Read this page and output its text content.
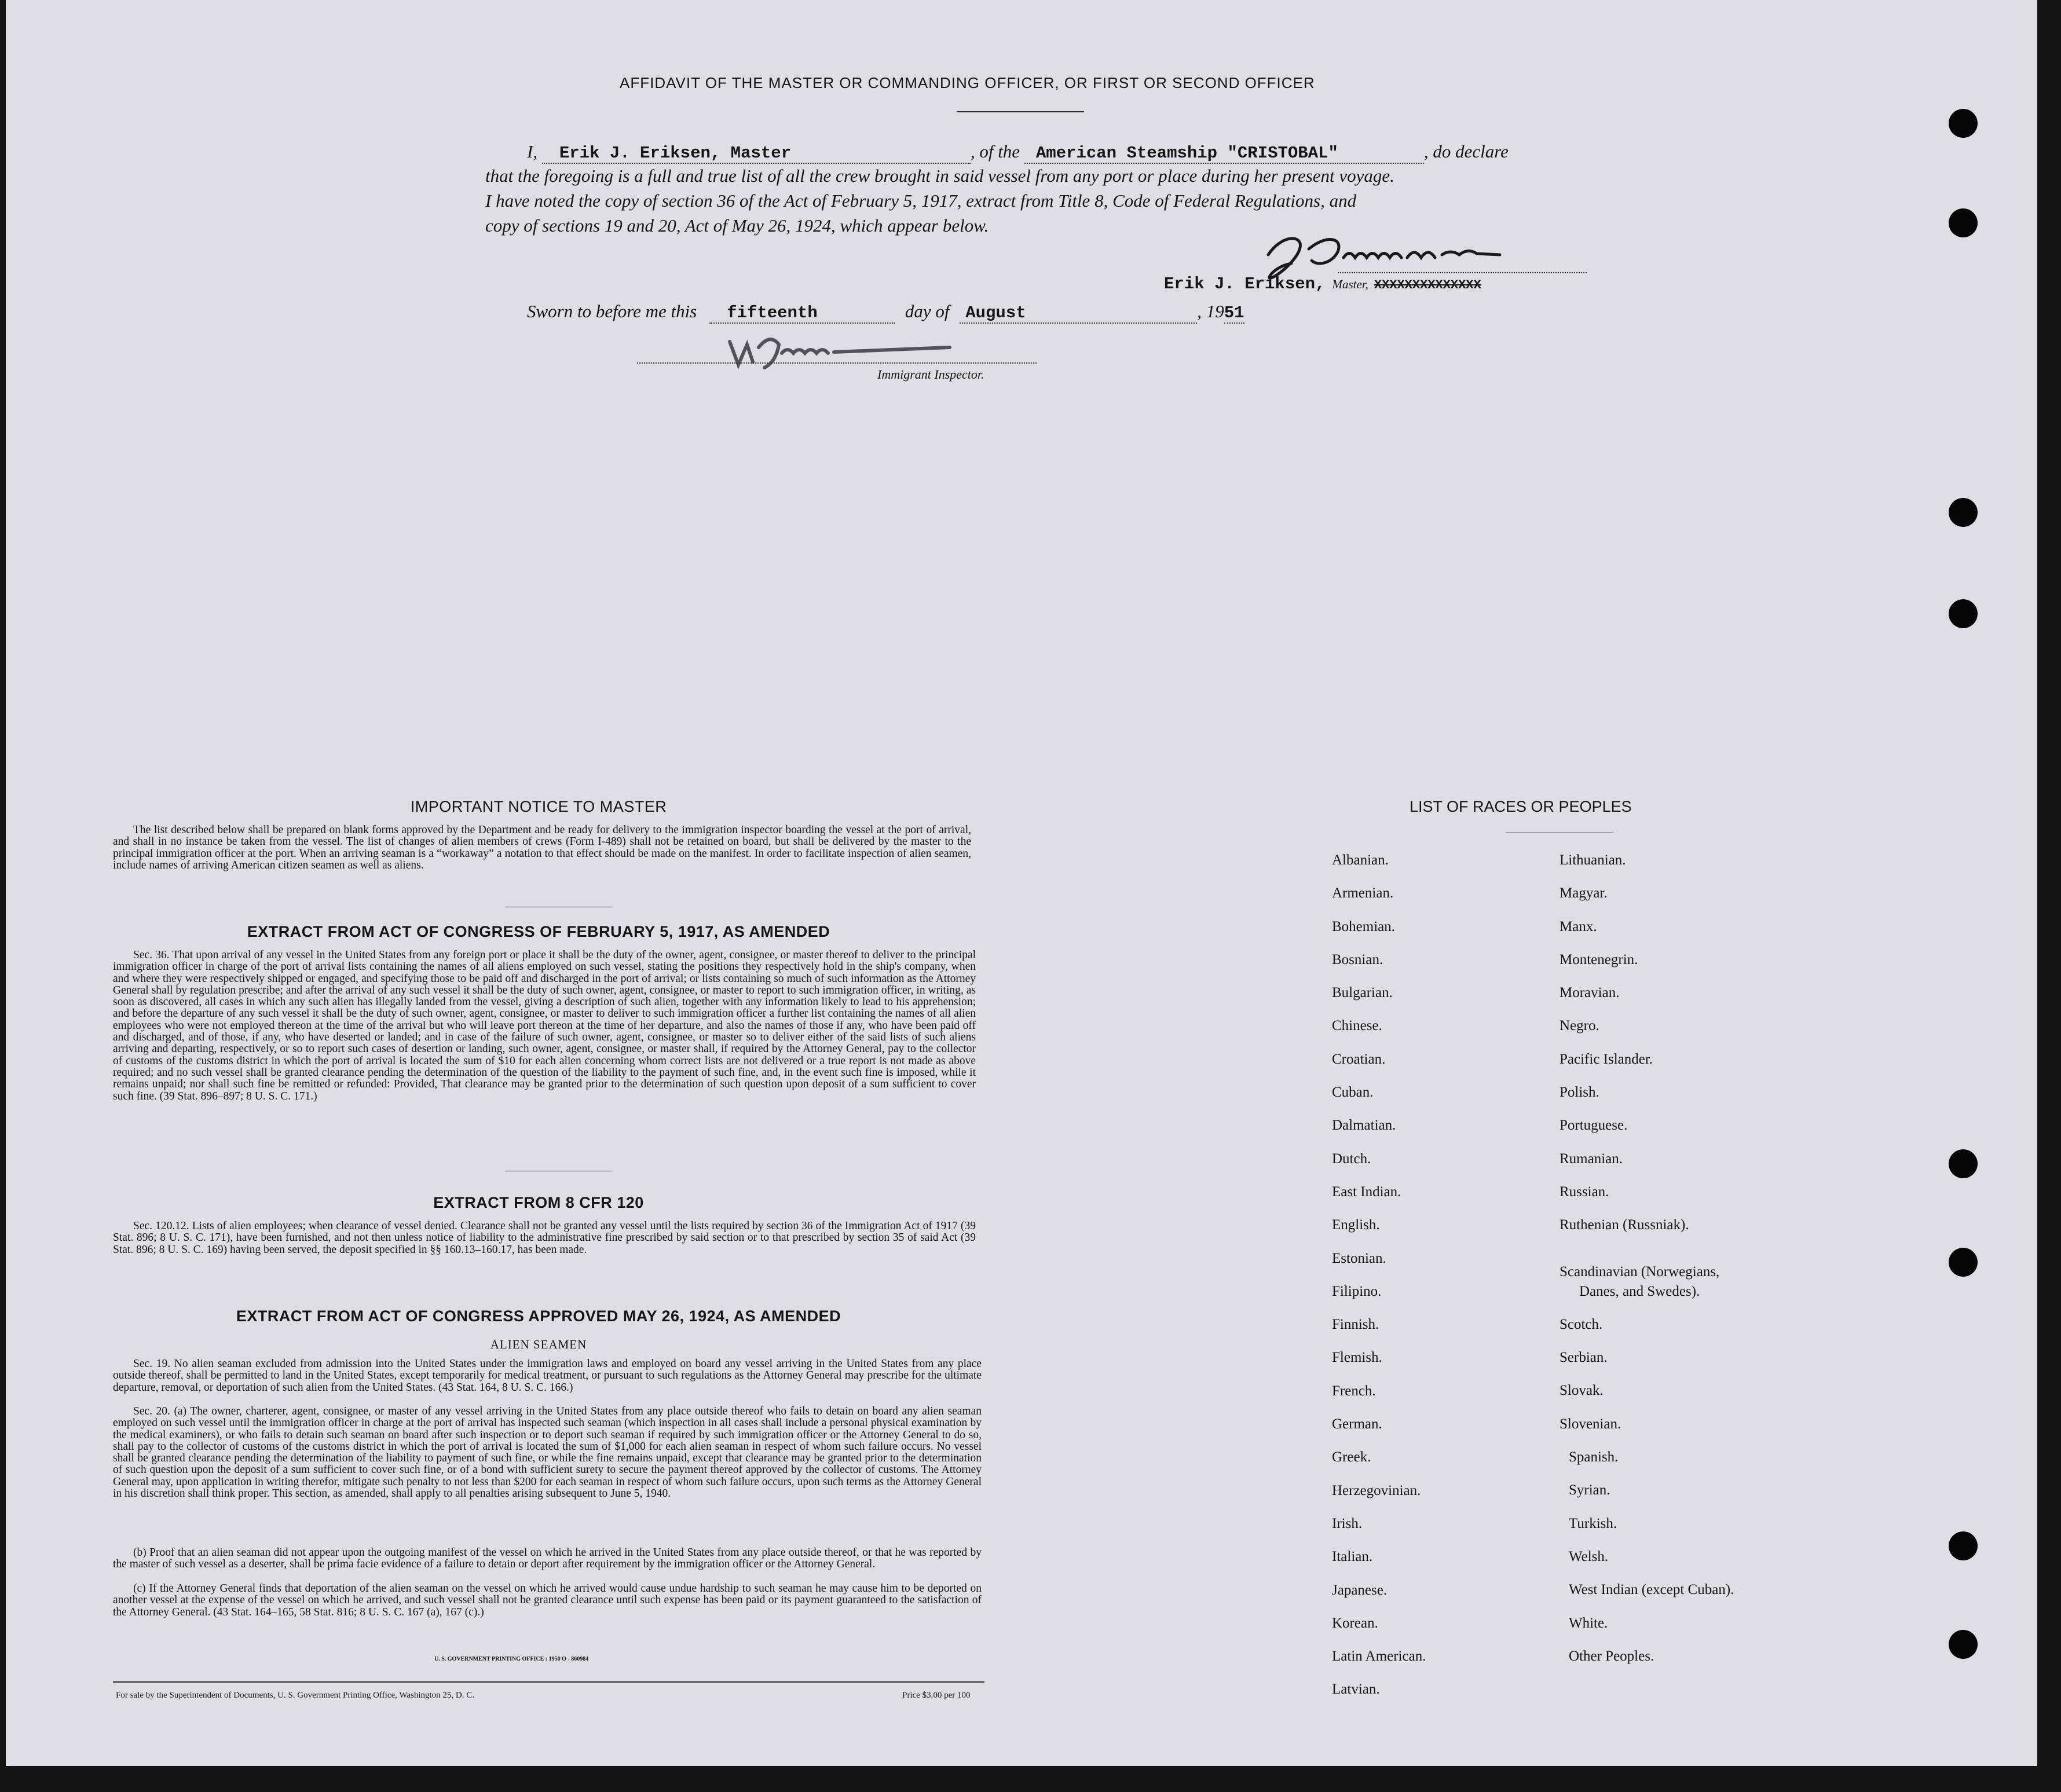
AFFIDAVIT OF THE MASTER OR COMMANDING OFFICER, OR FIRST OR SECOND OFFICER
I, Erik J. Eriksen, Master	, of the American Steamship "CRISTOBAL"	, do declare
that the foregoing is a full and true list of all the crew brought in said vessel from any port or place during her present voyage.
I have noted the copy of section 36 of the Act of February 5, 1917, extract from Title 8, Code of Federal Regulations, and
copy of sections 19 and 20, Act of May 26, 1924, which appear below.
Erik J. Eriksen, Master, XXXXXXXXXXXXXX
Sworn to before me this fifteenth	day of August	, 1951
Immigrant Inspector.
IMPORTANT NOTICE TO MASTER
The list described below shall be prepared on blank forms approved by the Department and be ready for delivery to the immigration inspector boarding the vessel at the port of arrival, and shall in no instance be taken from the vessel. The list of changes of alien members of crews (Form I-489) shall not be retained on board, but shall be delivered by the master to the principal immigration officer at the port. When an arriving seaman is a “workaway” a notation to that effect should be made on the manifest. In order to facilitate inspection of alien seamen, include names of arriving American citizen seamen as well as aliens.
EXTRACT FROM ACT OF CONGRESS OF FEBRUARY 5, 1917, AS AMENDED
Sec. 36. That upon arrival of any vessel in the United States from any foreign port or place it shall be the duty of the owner, agent, consignee, or master thereof to deliver to the principal immigration officer in charge of the port of arrival lists containing the names of all aliens employed on such vessel, stating the positions they respectively hold in the ship's company, when and where they were respectively shipped or engaged, and specifying those to be paid off and discharged in the port of arrival; or lists containing so much of such information as the Attorney General shall by regulation prescribe; and after the arrival of any such vessel it shall be the duty of such owner, agent, consignee, or master to report to such immigration officer, in writing, as soon as discovered, all cases in which any such alien has illegally landed from the vessel, giving a description of such alien, together with any information likely to lead to his apprehension; and before the departure of any such vessel it shall be the duty of such owner, agent, consignee, or master to deliver to such immigration officer a further list containing the names of all alien employees who were not employed thereon at the time of the arrival but who will leave port thereon at the time of her departure, and also the names of those if any, who have been paid off and discharged, and of those, if any, who have deserted or landed; and in case of the failure of such owner, agent, consignee, or master so to deliver either of the said lists of such aliens arriving and departing, respectively, or so to report such cases of desertion or landing, such owner, agent, consignee, or master shall, if required by the Attorney General, pay to the collector of customs of the customs district in which the port of arrival is located the sum of $10 for each alien concerning whom correct lists are not delivered or a true report is not made as above required; and no such vessel shall be granted clearance pending the determination of the question of the liability to the payment of such fine, and, in the event such fine is imposed, while it remains unpaid; nor shall such fine be remitted or refunded: Provided, That clearance may be granted prior to the determination of such question upon deposit of a sum sufficient to cover such fine. (39 Stat. 896–897; 8 U. S. C. 171.)
EXTRACT FROM 8 CFR 120
Sec. 120.12. Lists of alien employees; when clearance of vessel denied. Clearance shall not be granted any vessel until the lists required by section 36 of the Immigration Act of 1917 (39 Stat. 896; 8 U. S. C. 171), have been furnished, and not then unless notice of liability to the administrative fine prescribed by said section or to that prescribed by section 35 of said Act (39 Stat. 896; 8 U. S. C. 169) having been served, the deposit specified in §§ 160.13–160.17, has been made.
EXTRACT FROM ACT OF CONGRESS APPROVED MAY 26, 1924, AS AMENDED
ALIEN SEAMEN
Sec. 19. No alien seaman excluded from admission into the United States under the immigration laws and employed on board any vessel arriving in the United States from any place outside thereof, shall be permitted to land in the United States, except temporarily for medical treatment, or pursuant to such regulations as the Attorney General may prescribe for the ultimate departure, removal, or deportation of such alien from the United States. (43 Stat. 164, 8 U. S. C. 166.)
Sec. 20. (a) The owner, charterer, agent, consignee, or master of any vessel arriving in the United States from any place outside thereof who fails to detain on board any alien seaman employed on such vessel until the immigration officer in charge at the port of arrival has inspected such seaman (which inspection in all cases shall include a personal physical examination by the medical examiners), or who fails to detain such seaman on board after such inspection or to deport such seaman if required by such immigration officer or the Attorney General to do so, shall pay to the collector of customs of the customs district in which the port of arrival is located the sum of $1,000 for each alien seaman in respect of whom such failure occurs. No vessel shall be granted clearance pending the determination of the liability to payment of such fine, or while the fine remains unpaid, except that clearance may be granted prior to the determination of such question upon the deposit of a sum sufficient to cover such fine, or of a bond with sufficient surety to secure the payment thereof approved by the collector of customs. The Attorney General may, upon application in writing therefor, mitigate such penalty to not less than $200 for each seaman in respect of whom such failure occurs, upon such terms as the Attorney General in his discretion shall think proper. This section, as amended, shall apply to all penalties arising subsequent to June 5, 1940.
(b) Proof that an alien seaman did not appear upon the outgoing manifest of the vessel on which he arrived in the United States from any place outside thereof, or that he was reported by the master of such vessel as a deserter, shall be prima facie evidence of a failure to detain or deport after requirement by the immigration officer or the Attorney General.
(c) If the Attorney General finds that deportation of the alien seaman on the vessel on which he arrived would cause undue hardship to such seaman he may cause him to be deported on another vessel at the expense of the vessel on which he arrived, and such vessel shall not be granted clearance until such expense has been paid or its payment guaranteed to the satisfaction of the Attorney General. (43 Stat. 164–165, 58 Stat. 816; 8 U. S. C. 167 (a), 167 (c).)
U. S. GOVERNMENT PRINTING OFFICE : 1950 O - 860984
For sale by the Superintendent of Documents, U. S. Government Printing Office, Washington 25, D. C.	Price $3.00 per 100
LIST OF RACES OR PEOPLES
Albanian.
Armenian.
Bohemian.
Bosnian.
Bulgarian.
Chinese.
Croatian.
Cuban.
Dalmatian.
Dutch.
East Indian.
English.
Estonian.
Filipino.
Finnish.
Flemish.
French.
German.
Greek.
Herzegovinian.
Irish.
Italian.
Japanese.
Korean.
Latin American.
Latvian.
Lithuanian.
Magyar.
Manx.
Montenegrin.
Moravian.
Negro.
Pacific Islander.
Polish.
Portuguese.
Rumanian.
Russian.
Ruthenian (Russniak).
Scandinavian (Norwegians,
Danes, and Swedes).
Scotch.
Serbian.
Slovak.
Slovenian.
Spanish.
Syrian.
Turkish.
Welsh.
West Indian (except Cuban).
White.
Other Peoples.
